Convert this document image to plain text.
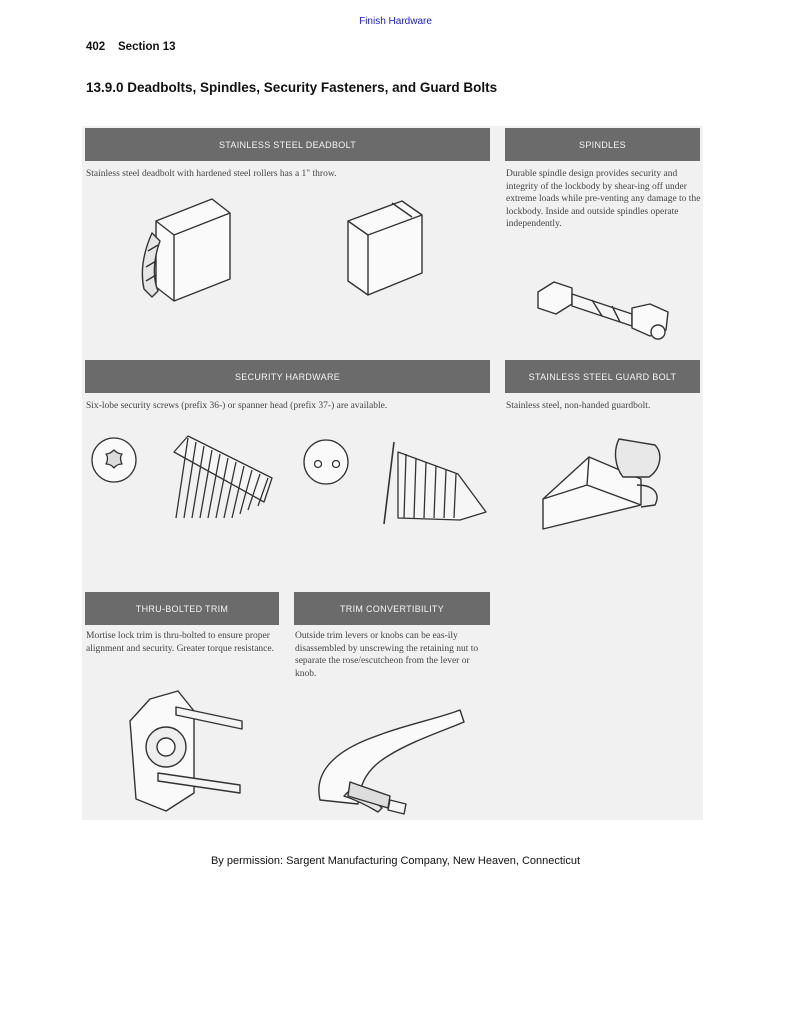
Finish Hardware
402 Section 13
13.9.0 Deadbolts, Spindles, Security Fasteners, and Guard Bolts
STAINLESS STEEL DEADBOLT
Stainless steel deadbolt with hardened steel rollers has a 1" throw.
SPINDLES
Durable spindle design provides security and integrity of the lockbody by shear-ing off under extreme loads while pre-venting any damage to the lockbody. Inside and outside spindles operate independently.
SECURITY HARDWARE
Six-lobe security screws (prefix 36-) or spanner head (prefix 37-) are available.
STAINLESS STEEL GUARD BOLT
Stainless steel, non-handed guardbolt.
THRU-BOLTED TRIM
Mortise lock trim is thru-bolted to ensure proper alignment and security. Greater torque resistance.
TRIM CONVERTIBILITY
Outside trim levers or knobs can be eas-ily disassembled by unscrewing the retaining nut to separate the rose/escutcheon from the lever or knob.
By permission: Sargent Manufacturing Company, New Heaven, Connecticut
